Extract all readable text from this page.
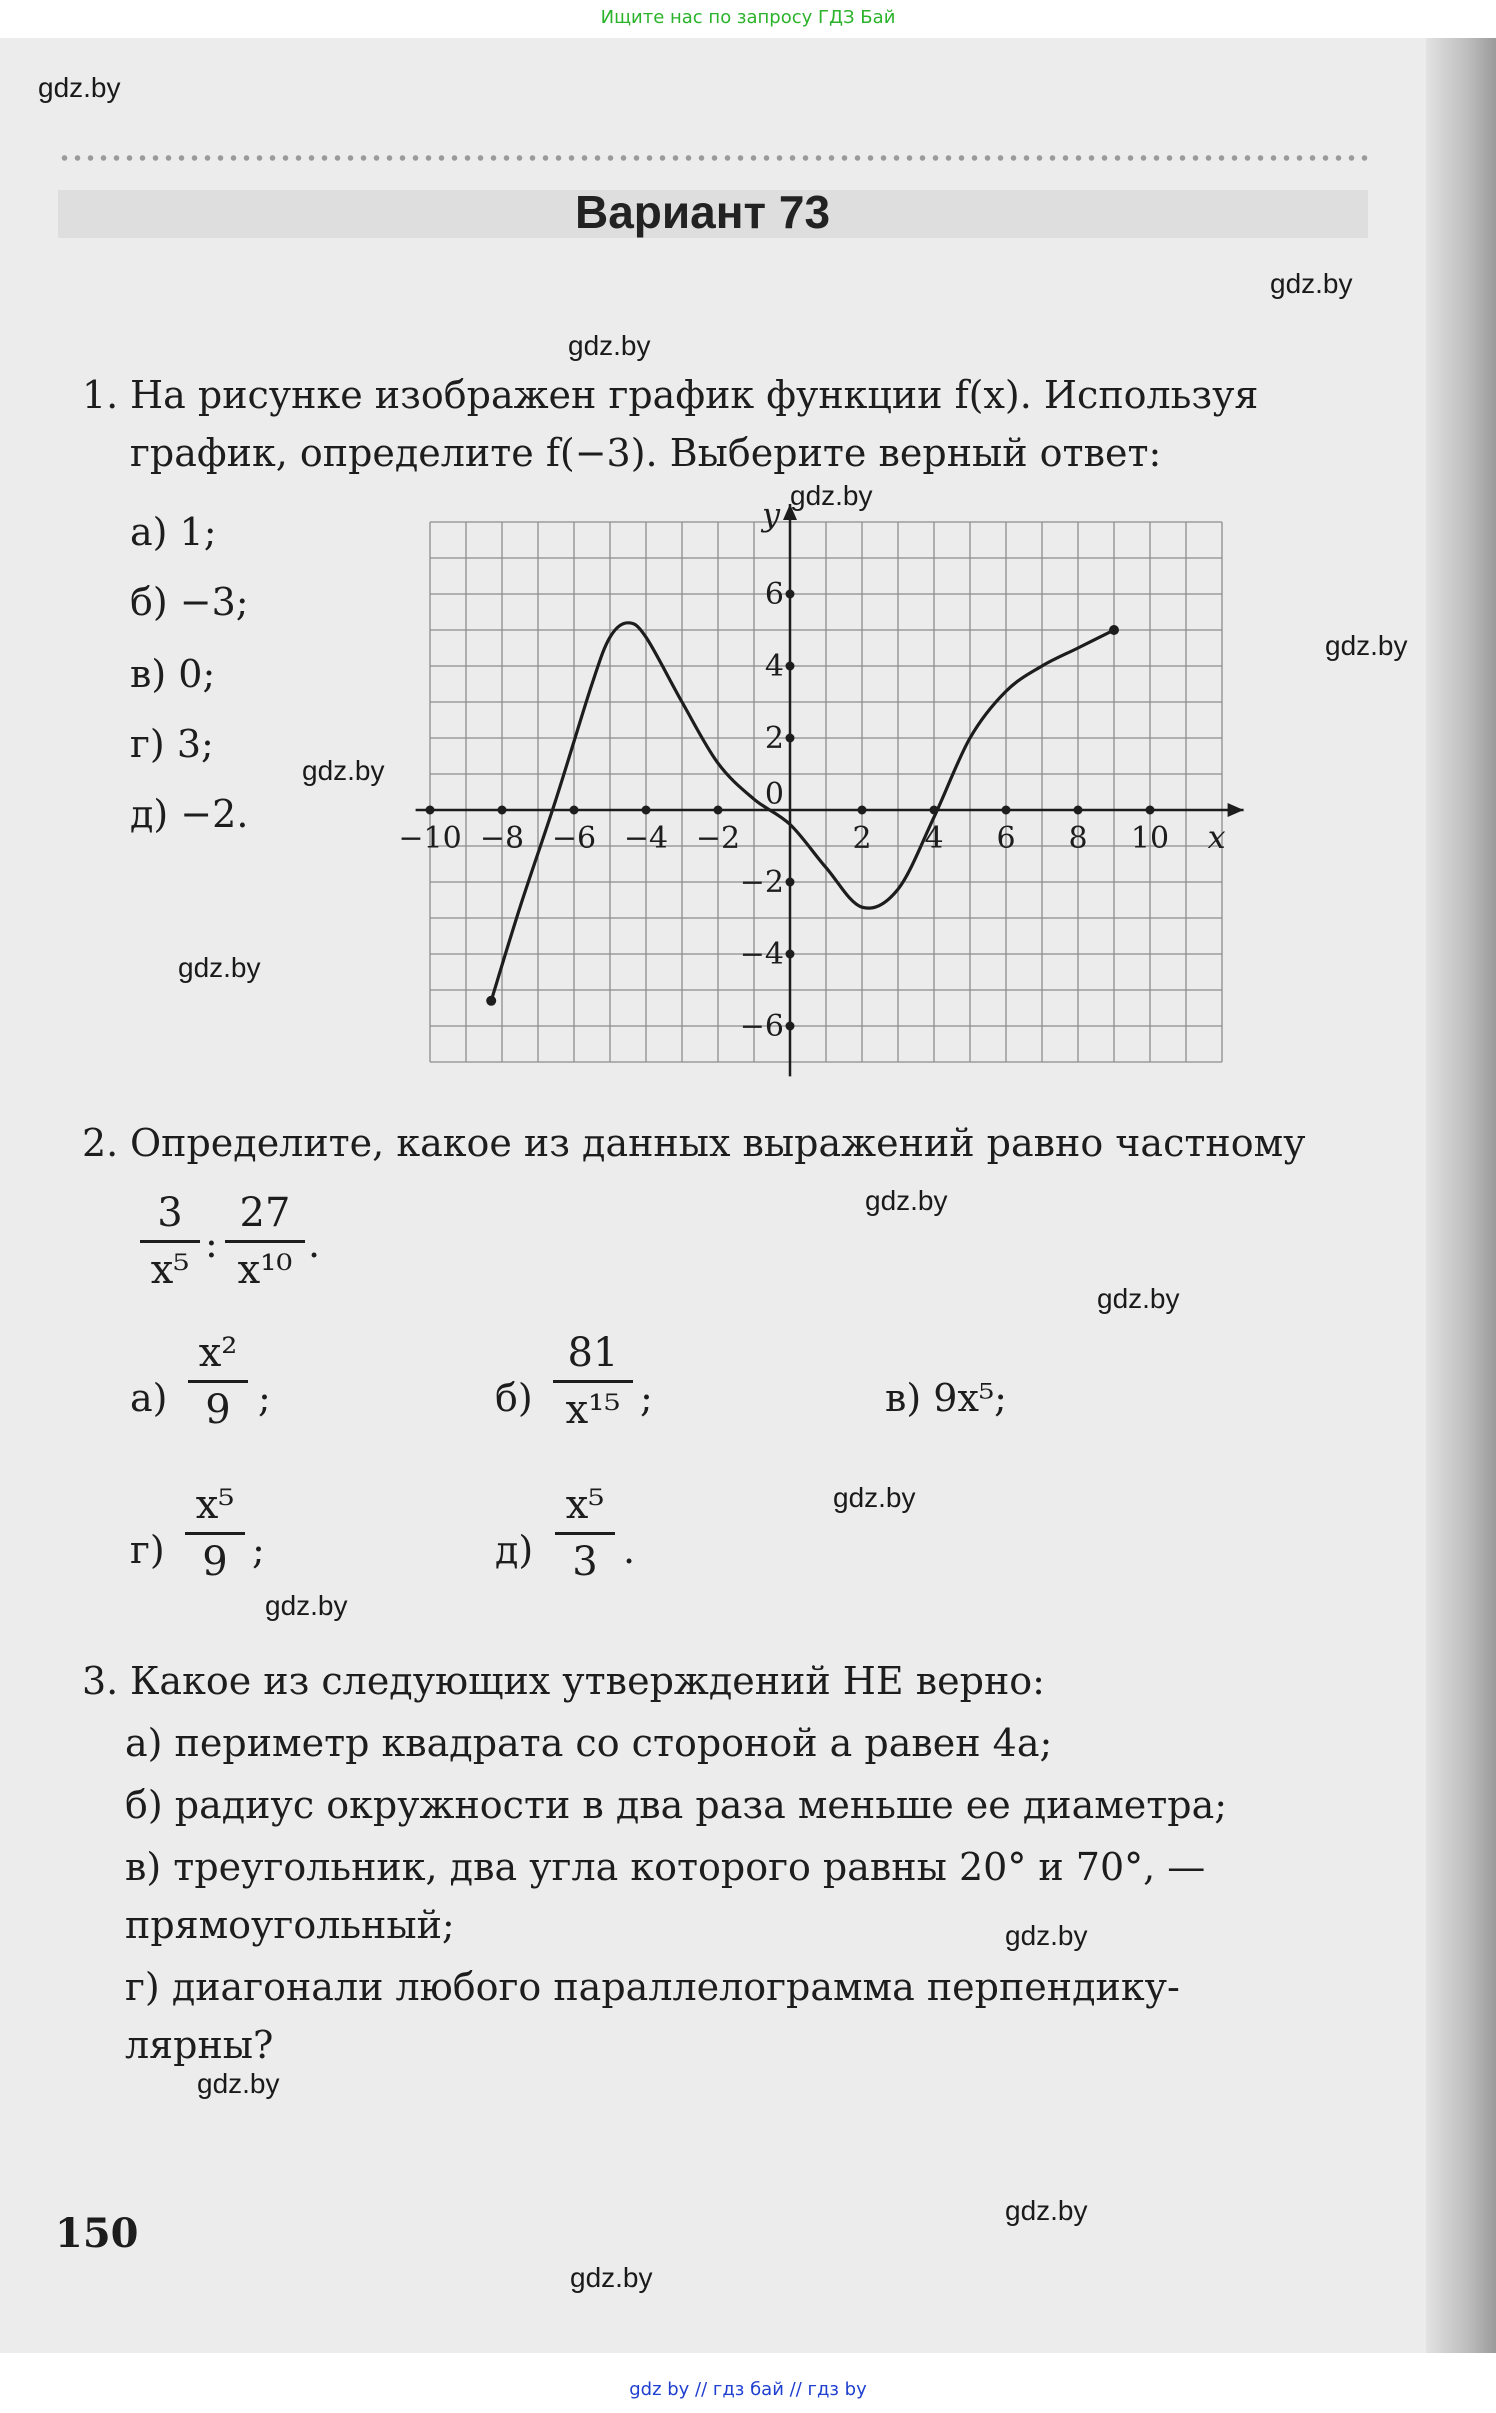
Ищите нас по запросу ГДЗ Бай
Вариант 73
gdz.by
gdz.by
gdz.by
gdz.by
gdz.by
gdz.by
gdz.by
gdz.by
gdz.by
gdz.by
gdz.by
gdz.by
gdz.by
gdz.by
gdz.by
1. На рисунке изображен график функции f(x). Используя
график, определите f(−3). Выберите верный ответ:
а) 1;
б) −3;
в) 0;
г) 3;
д) −2.
−10 −8 −6 −4 −2	2 4 6 8 10
6
4
2
−2
−4
−6
0
y
x
2. Определите, какое из данных выражений равно частному
3
x⁵
:
27
x¹⁰
.
а)
x²
9 ;	б)
81
x¹⁵ ;	в) 9x⁵;
г)
x⁵
9 ;	д)
x⁵
3 .
3. Какое из следующих утверждений НЕ верно:
а) периметр квадрата со стороной a равен 4a;
б) радиус окружности в два раза меньше ее диаметра;
в) треугольник, два угла которого равны 20° и 70°, —
прямоугольный;
г) диагонали любого параллелограмма перпендику-
лярны?
150
gdz by // гдз бай // гдз by
